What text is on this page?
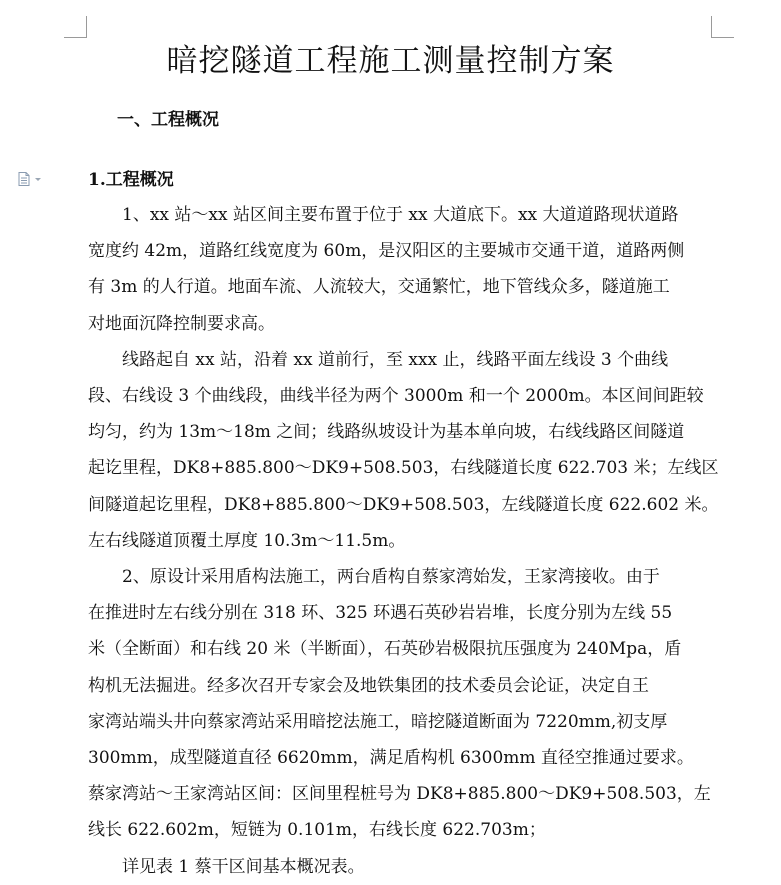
暗挖隧道工程施工测量控制方案
一、工程概况
1.工程概况

1、xx 站～xx 站区间主要布置于位于 xx 大道底下。xx 大道道路现状道路
宽度约 42m，道路红线宽度为 60m，是汉阳区的主要城市交通干道，道路两侧
有 3m 的人行道。地面车流、人流较大，交通繁忙，地下管线众多，隧道施工
对地面沉降控制要求高。

线路起自 xx 站，沿着 xx 道前行，至 xxx 止，线路平面左线设 3 个曲线
段、右线设 3 个曲线段，曲线半径为两个 3000m 和一个 2000m。本区间间距较
均匀，约为 13m～18m 之间；线路纵坡设计为基本单向坡，右线线路区间隧道
起讫里程，DK8+885.800～DK9+508.503，右线隧道长度 622.703 米；左线区
间隧道起讫里程，DK8+885.800～DK9+508.503，左线隧道长度 622.602 米。
左右线隧道顶覆土厚度 10.3m～11.5m。

2、原设计采用盾构法施工，两台盾构自蔡家湾始发，王家湾接收。由于
在推进时左右线分别在 318 环、325 环遇石英砂岩岩堆，长度分别为左线 55
米（全断面）和右线 20 米（半断面），石英砂岩极限抗压强度为 240Mpa，盾
构机无法掘进。经多次召开专家会及地铁集团的技术委员会论证，决定自王
家湾站端头井向蔡家湾站采用暗挖法施工，暗挖隧道断面为 7220mm,初支厚
300mm，成型隧道直径 6620mm，满足盾构机 6300mm 直径空推通过要求。
蔡家湾站～王家湾站区间：区间里程桩号为 DK8+885.800～DK9+508.503，左
线长 622.602m，短链为 0.101m，右线长度 622.703m；

详见表 1 蔡干区间基本概况表。
